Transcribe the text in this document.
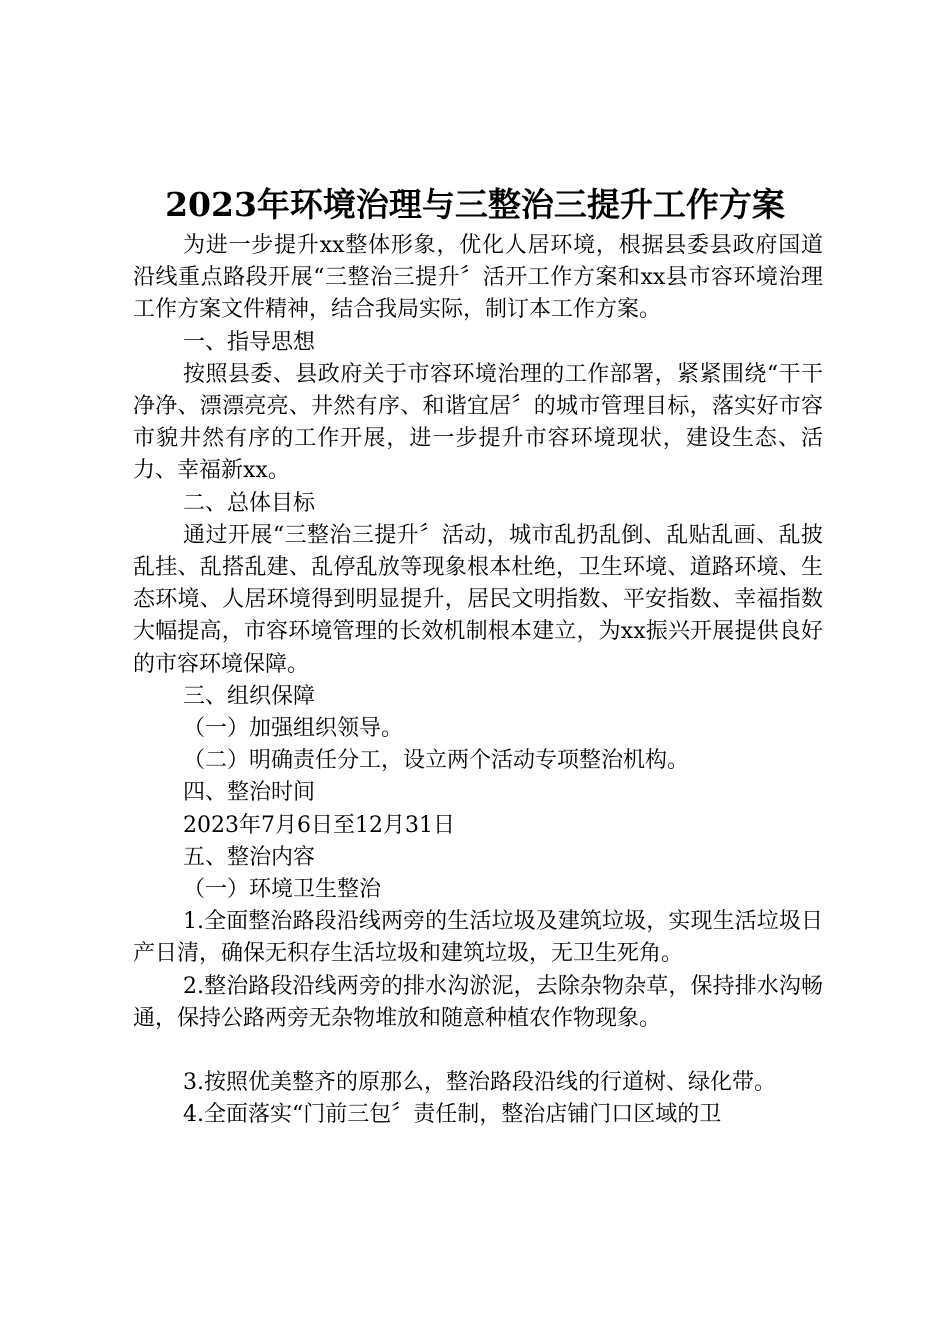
2023年环境治理与三整治三提升工作方案

为进一步提升xx整体形象，优化人居环境，根据县委县政府国道沿线重点路段开展“三整治三提升〞活开工作方案和xx县市容环境治理工作方案文件精神，结合我局实际，制订本工作方案。

一、指导思想

按照县委、县政府关于市容环境治理的工作部署，紧紧围绕“干干净净、漂漂亮亮、井然有序、和谐宜居〞的城市管理目标，落实好市容市貌井然有序的工作开展，进一步提升市容环境现状，建设生态、活力、幸福新xx。

二、总体目标

通过开展“三整治三提升〞活动，城市乱扔乱倒、乱贴乱画、乱披乱挂、乱搭乱建、乱停乱放等现象根本杜绝，卫生环境、道路环境、生态环境、人居环境得到明显提升，居民文明指数、平安指数、幸福指数大幅提高，市容环境管理的长效机制根本建立，为xx振兴开展提供良好的市容环境保障。

三、组织保障

（一）加强组织领导。

（二）明确责任分工，设立两个活动专项整治机构。

四、整治时间

2023年7月6日至12月31日

五、整治内容

（一）环境卫生整治

1.全面整治路段沿线两旁的生活垃圾及建筑垃圾，实现生活垃圾日产日清，确保无积存生活垃圾和建筑垃圾，无卫生死角。

2.整治路段沿线两旁的排水沟淤泥，去除杂物杂草，保持排水沟畅通，保持公路两旁无杂物堆放和随意种植农作物现象。

3.按照优美整齐的原那么，整治路段沿线的行道树、绿化带。

4.全面落实“门前三包〞责任制，整治店铺门口区域的卫
